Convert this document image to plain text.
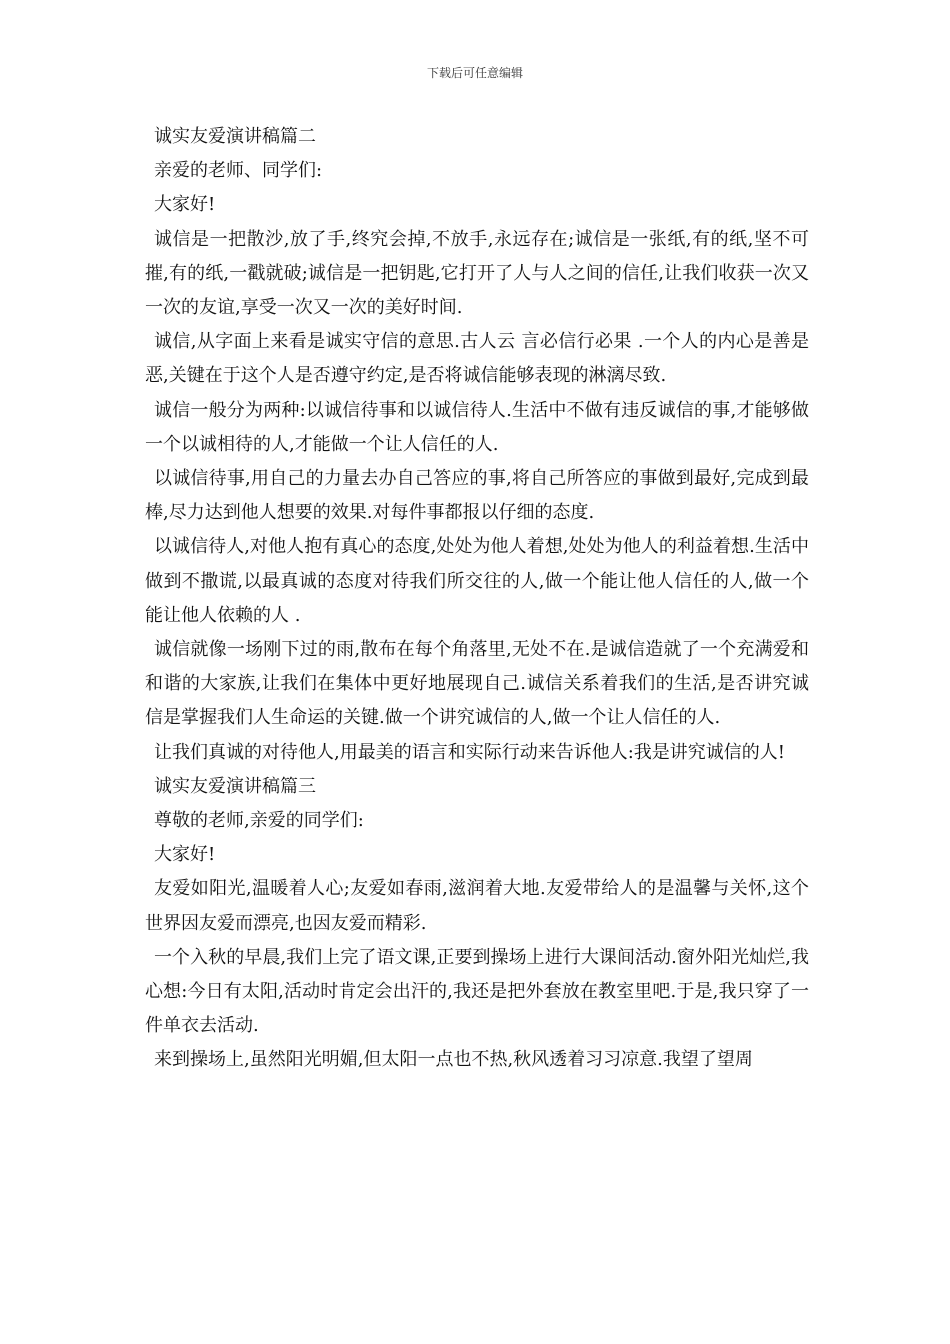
下载后可任意编辑

诚实友爱演讲稿篇二

亲爱的老师、同学们:

大家好!

诚信是一把散沙,放了手,终究会掉,不放手,永远存在;诚信是一张纸,有的纸,坚不可摧,有的纸,一戳就破;诚信是一把钥匙,它打开了人与人之间的信任,让我们收获一次又一次的友谊,享受一次又一次的美好时间.

诚信,从字面上来看是诚实守信的意思.古人云 言必信行必果 .一个人的内心是善是恶,关键在于这个人是否遵守约定,是否将诚信能够表现的淋漓尽致.

诚信一般分为两种:以诚信待事和以诚信待人.生活中不做有违反诚信的事,才能够做一个以诚相待的人,才能做一个让人信任的人.

以诚信待事,用自己的力量去办自己答应的事,将自己所答应的事做到最好,完成到最棒,尽力达到他人想要的效果.对每件事都报以仔细的态度.

以诚信待人,对他人抱有真心的态度,处处为他人着想,处处为他人的利益着想.生活中做到不撒谎,以最真诚的态度对待我们所交往的人,做一个能让他人信任的人,做一个能让他人依赖的人 .

诚信就像一场刚下过的雨,散布在每个角落里,无处不在.是诚信造就了一个充满爱和和谐的大家族,让我们在集体中更好地展现自己.诚信关系着我们的生活,是否讲究诚信是掌握我们人生命运的关键.做一个讲究诚信的人,做一个让人信任的人.

让我们真诚的对待他人,用最美的语言和实际行动来告诉他人:我是讲究诚信的人!

诚实友爱演讲稿篇三

尊敬的老师,亲爱的同学们:

大家好!

友爱如阳光,温暖着人心;友爱如春雨,滋润着大地.友爱带给人的是温馨与关怀,这个世界因友爱而漂亮,也因友爱而精彩.

一个入秋的早晨,我们上完了语文课,正要到操场上进行大课间活动.窗外阳光灿烂,我心想:今日有太阳,活动时肯定会出汗的,我还是把外套放在教室里吧.于是,我只穿了一件单衣去活动.

来到操场上,虽然阳光明媚,但太阳一点也不热,秋风透着习习凉意.我望了望周
